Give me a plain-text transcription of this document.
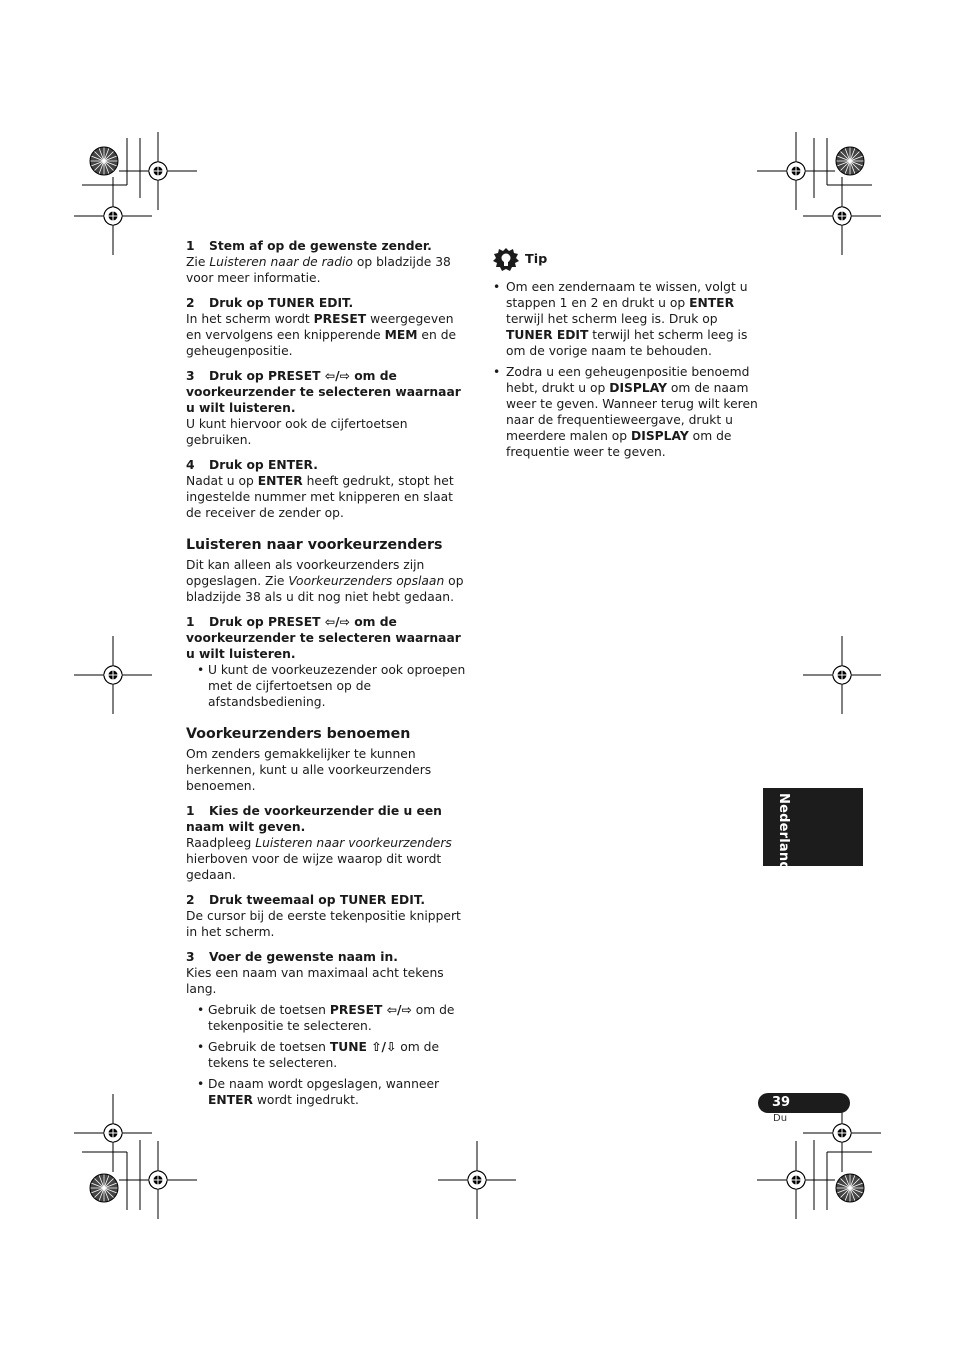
1 Stem af op de gewenste zender.

Zie Luisteren naar de radio op bladzijde 38 voor meer informatie.

2 Druk op TUNER EDIT.

In het scherm wordt PRESET weergegeven en vervolgens een knipperende MEM en de geheugenpositie.

3 Druk op PRESET ⇦/⇨ om de voorkeurzender te selecteren waarnaar u wilt luisteren.

U kunt hiervoor ook de cijfertoetsen gebruiken.

4 Druk op ENTER.

Nadat u op ENTER heeft gedrukt, stopt het ingestelde nummer met knipperen en slaat de receiver de zender op.

Luisteren naar voorkeurzenders

Dit kan alleen als voorkeurzenders zijn opgeslagen. Zie Voorkeurzenders opslaan op bladzijde 38 als u dit nog niet hebt gedaan.

1 Druk op PRESET ⇦/⇨ om de voorkeurzender te selecteren waarnaar u wilt luisteren.

• U kunt de voorkeuzezender ook oproepen met de cijfertoetsen op de afstandsbediening.

Voorkeurzenders benoemen

Om zenders gemakkelijker te kunnen herkennen, kunt u alle voorkeurzenders benoemen.

1 Kies de voorkeurzender die u een naam wilt geven.

Raadpleeg Luisteren naar voorkeurzenders hierboven voor de wijze waarop dit wordt gedaan.

2 Druk tweemaal op TUNER EDIT.

De cursor bij de eerste tekenpositie knippert in het scherm.

3 Voer de gewenste naam in.

Kies een naam van maximaal acht tekens lang.

• Gebruik de toetsen PRESET ⇦/⇨ om de tekenpositie te selecteren.

• Gebruik de toetsen TUNE ⇧/⇩ om de tekens te selecteren.

• De naam wordt opgeslagen, wanneer ENTER wordt ingedrukt.

Tip

• Om een zendernaam te wissen, volgt u stappen 1 en 2 en drukt u op ENTER terwijl het scherm leeg is. Druk op TUNER EDIT terwijl het scherm leeg is om de vorige naam te behouden.

• Zodra u een geheugenpositie benoemd hebt, drukt u op DISPLAY om de naam weer te geven. Wanneer terug wilt keren naar de frequentieweergave, drukt u meerdere malen op DISPLAY om de frequentie weer te geven.

Nederlands
39
Du
